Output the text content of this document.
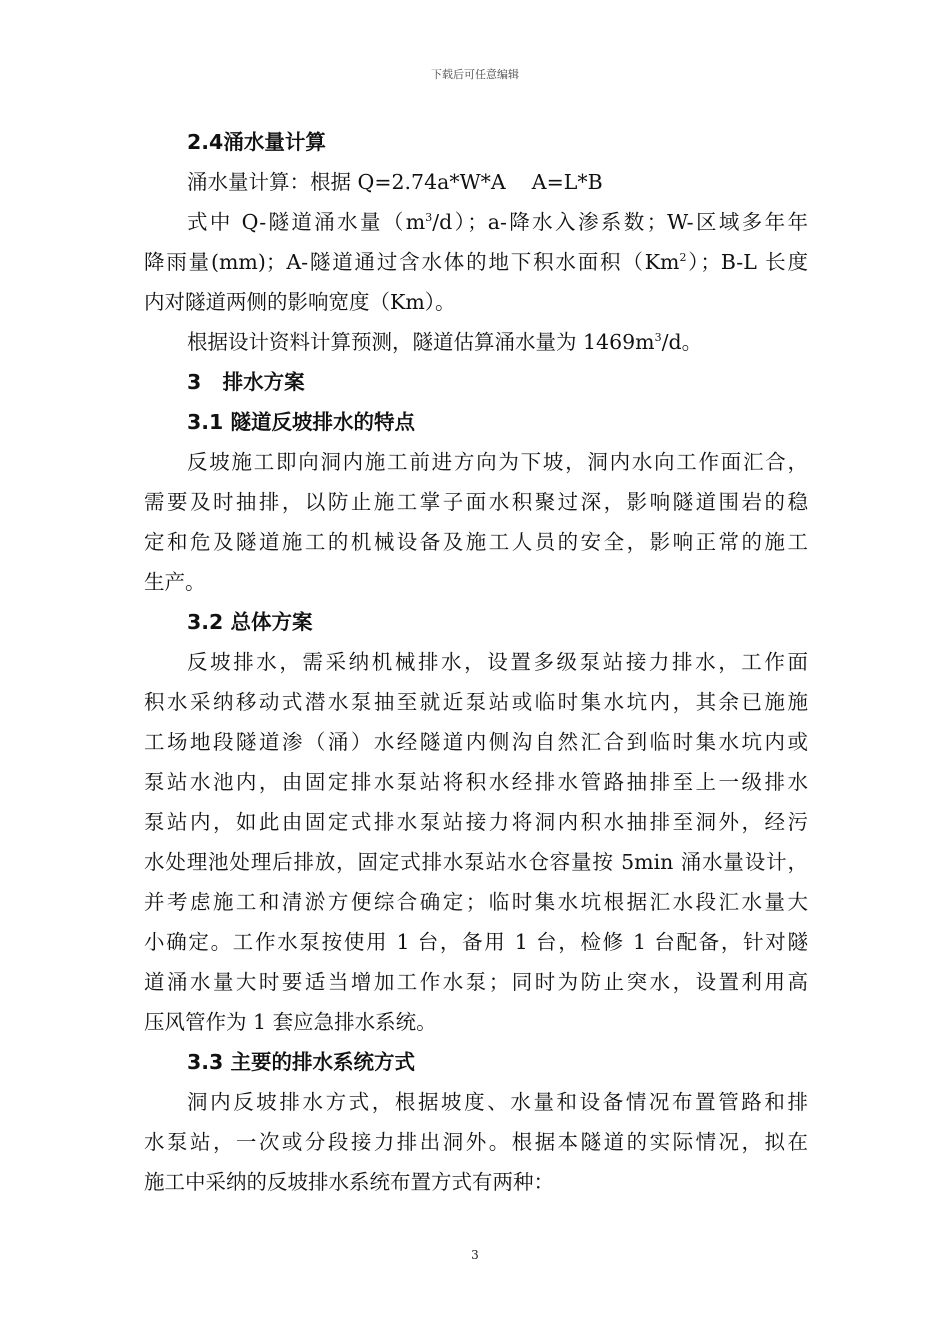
下载后可任意编辑
2.4涌水量计算
涌水量计算：根据 Q=2.74a*W*A    A=L*B
式中 Q-隧道涌水量$(m^3/d)$；a-降水入渗系数；W-区域多年年
降雨量(mm)；A-隧道通过含水体的地下积水面积（Km$^2$）；B-L 长度
内对隧道两侧的影响宽度（Km）。
根据设计资料计算预测，隧道估算涌水量为 $1469m^3/d$。
3   排水方案
3.1 隧道反坡排水的特点
反坡施工即向洞内施工前进方向为下坡，洞内水向工作面汇合，
需要及时抽排，以防止施工掌子面水积聚过深，影响隧道围岩的稳
定和危及隧道施工的机械设备及施工人员的安全，影响正常的施工
生产。
3.2 总体方案
反坡排水，需采纳机械排水，设置多级泵站接力排水，工作面
积水采纳移动式潜水泵抽至就近泵站或临时集水坑内，其余已施施
工场地段隧道渗（涌）水经隧道内侧沟自然汇合到临时集水坑内或
泵站水池内，由固定排水泵站将积水经排水管路抽排至上一级排水
泵站内，如此由固定式排水泵站接力将洞内积水抽排至洞外，经污
水处理池处理后排放，固定式排水泵站水仓容量按 5min 涌水量设计，
并考虑施工和清淤方便综合确定；临时集水坑根据汇水段汇水量大
小确定。工作水泵按使用 1 台，备用 1 台，检修 1 台配备，针对隧
道涌水量大时要适当增加工作水泵；同时为防止突水，设置利用高
压风管作为 1 套应急排水系统。
3.3 主要的排水系统方式
洞内反坡排水方式，根据坡度、水量和设备情况布置管路和排
水泵站，一次或分段接力排出洞外。根据本隧道的实际情况，拟在
施工中采纳的反坡排水系统布置方式有两种：
3
